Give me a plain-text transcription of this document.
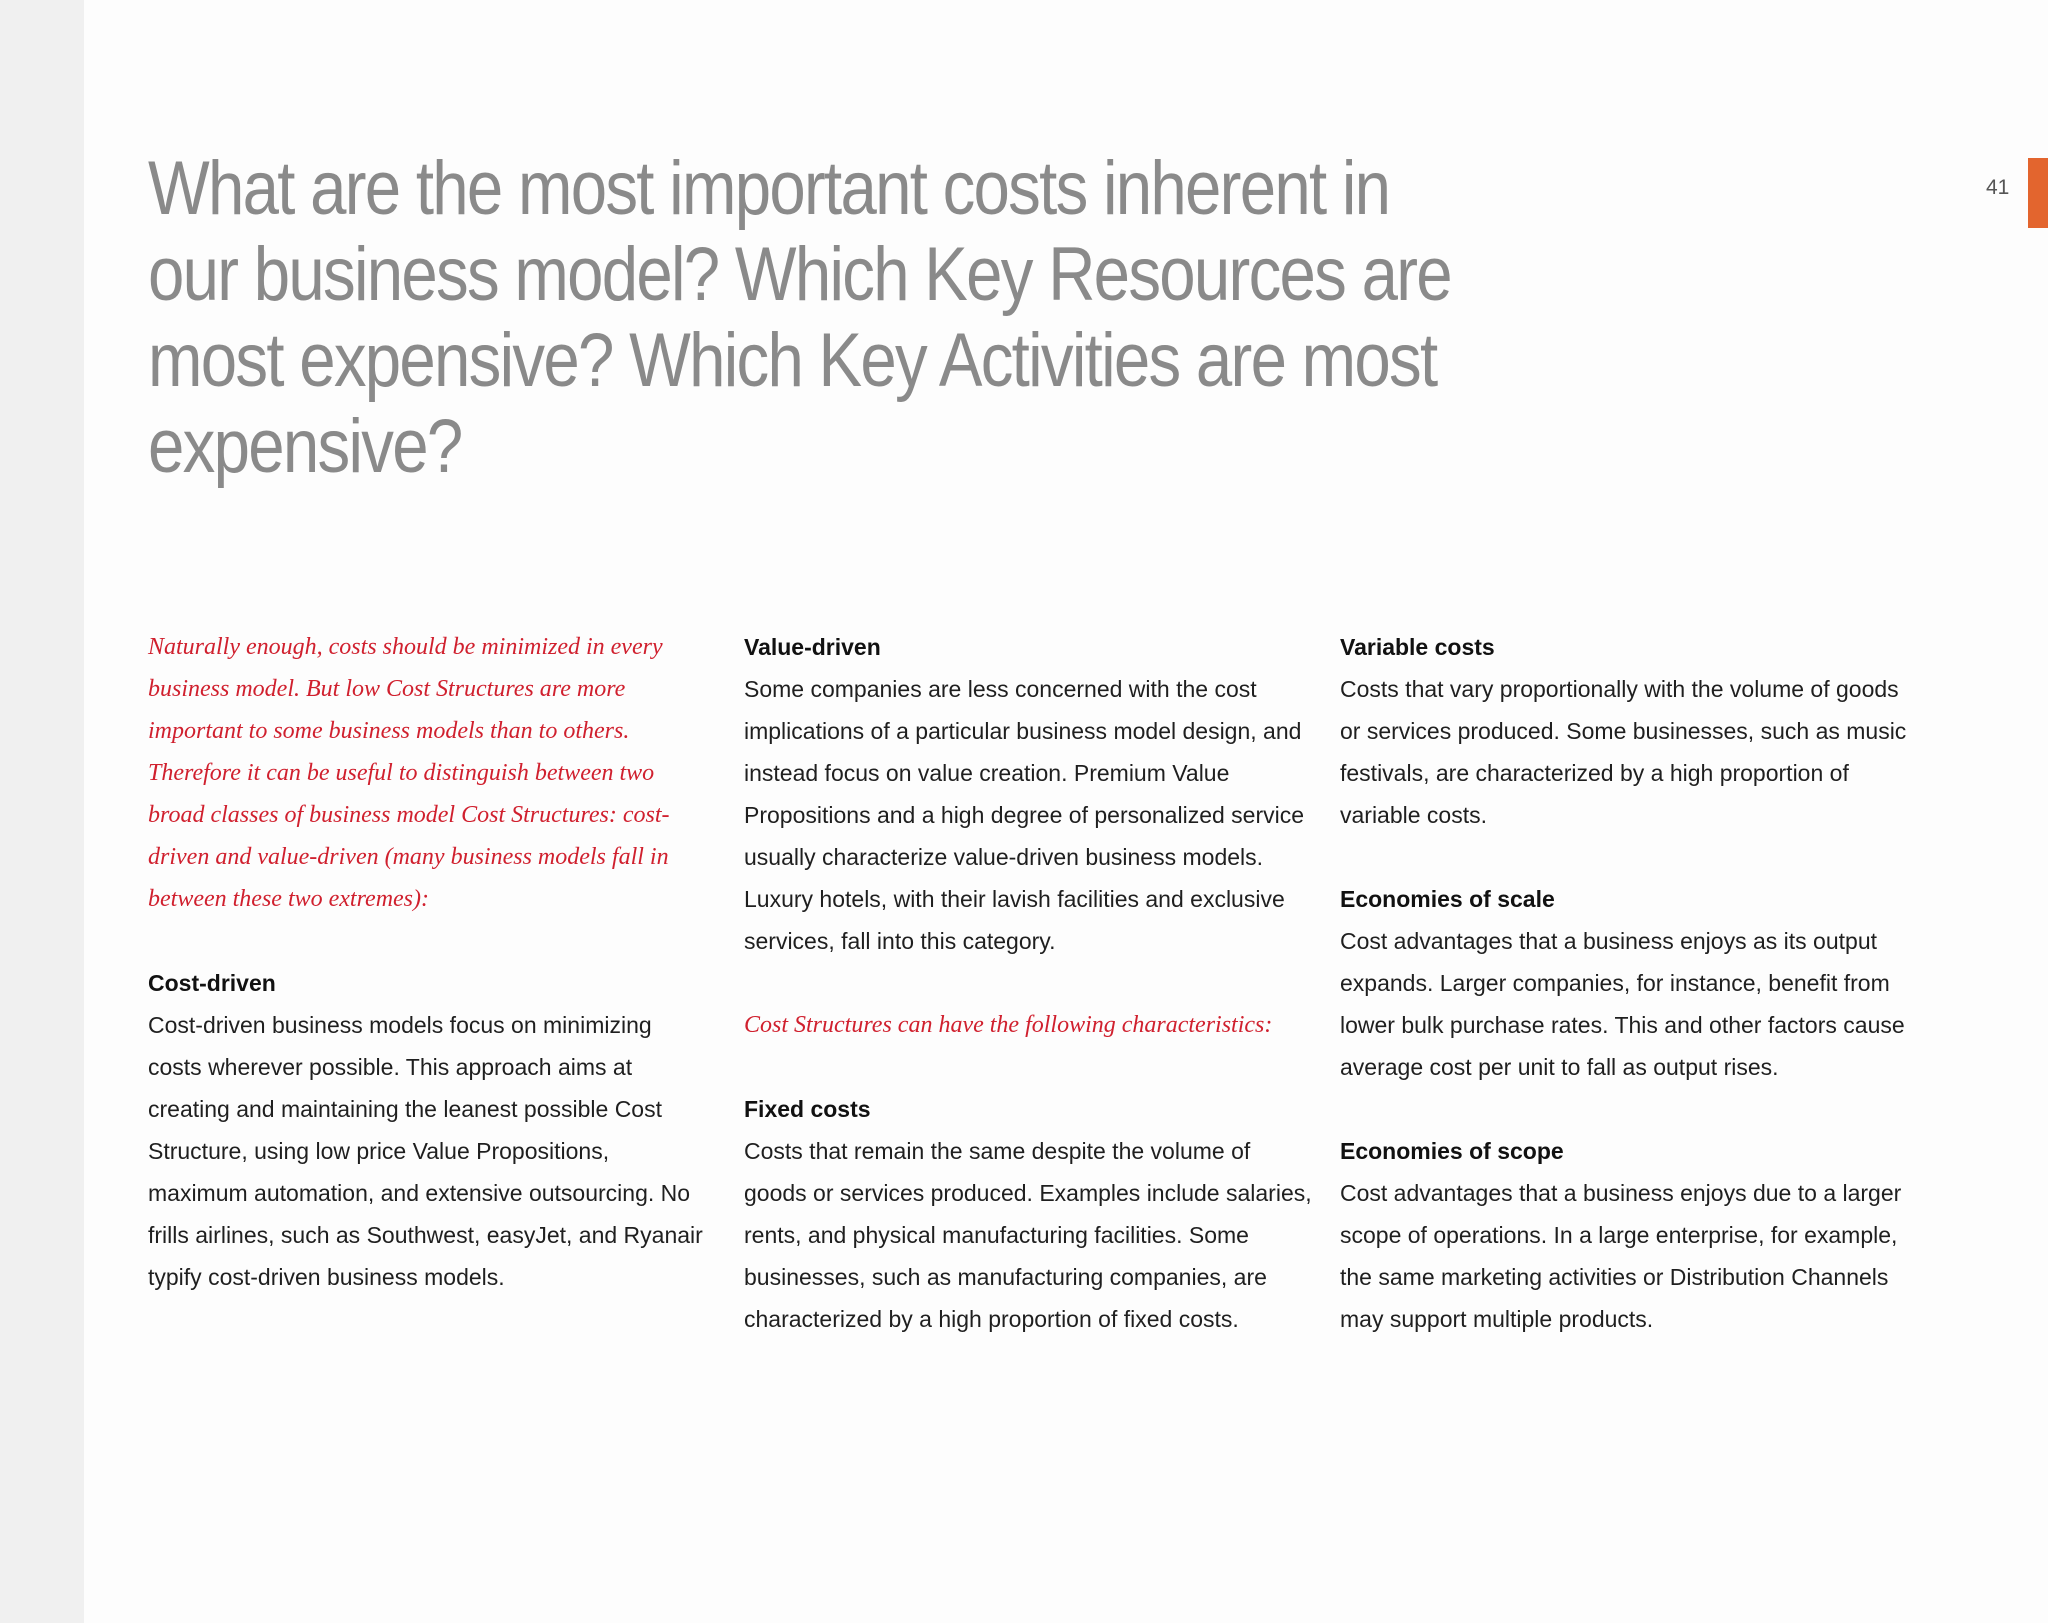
What are the most important costs inherent in our business model? Which Key Resources are most expensive? Which Key Activities are most expensive?
41

Naturally enough, costs should be minimized in every business model. But low Cost Structures are more important to some business models than to others. Therefore it can be useful to distinguish between two broad classes of business model Cost Structures: cost-driven and value-driven (many business models fall in between these two extremes):

Cost-driven

Cost-driven business models focus on minimizing costs wherever possible. This approach aims at creating and maintaining the leanest possible Cost Structure, using low price Value Propositions, maximum automation, and extensive outsourcing. No frills airlines, such as Southwest, easyJet, and Ryanair typify cost-driven business models.

Value-driven

Some companies are less concerned with the cost implications of a particular business model design, and instead focus on value creation. Premium Value Propositions and a high degree of personalized service usually characterize value-driven business models. Luxury hotels, with their lavish facilities and exclusive services, fall into this category.

Cost Structures can have the following characteristics:

Fixed costs

Costs that remain the same despite the volume of goods or services produced. Examples include salaries, rents, and physical manufacturing facilities. Some businesses, such as manufacturing companies, are characterized by a high proportion of fixed costs.

Variable costs

Costs that vary proportionally with the volume of goods or services produced. Some businesses, such as music festivals, are characterized by a high proportion of variable costs.

Economies of scale

Cost advantages that a business enjoys as its output expands. Larger companies, for instance, benefit from lower bulk purchase rates. This and other factors cause average cost per unit to fall as output rises.

Economies of scope

Cost advantages that a business enjoys due to a larger scope of operations. In a large enterprise, for example, the same marketing activities or Distribution Channels may support multiple products.
